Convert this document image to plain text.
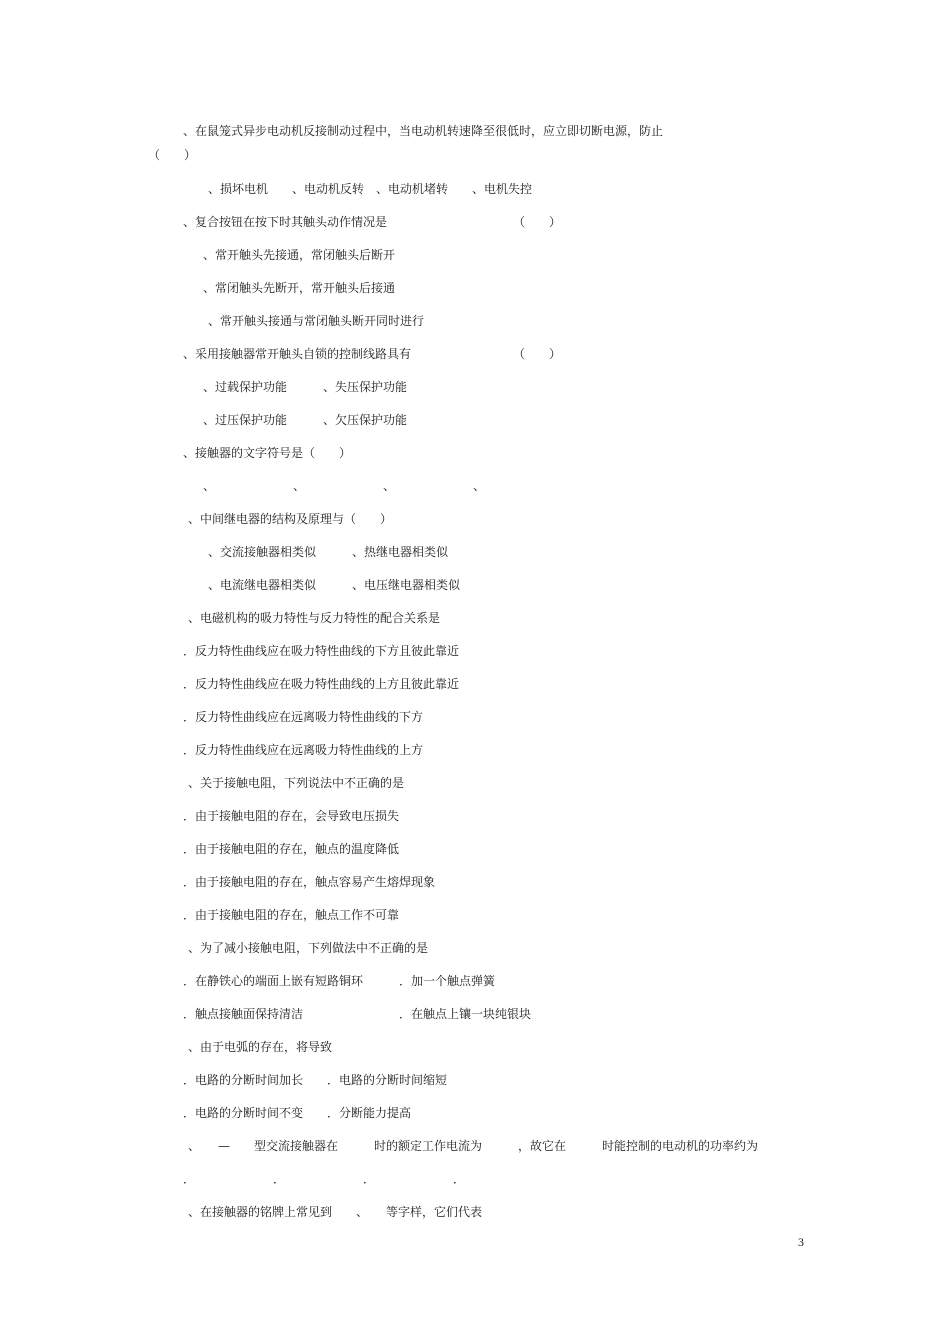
、在鼠笼式异步电动机反接制动过程中，当电动机转速降至很低时，应立即切断电源，防止
（　　）
、损坏电机　　、电动机反转　、电动机堵转　　、电机失控
、复合按钮在按下时其触头动作情况是　　　　　　　　　　　（　　）
、常开触头先接通，常闭触头后断开
、常闭触头先断开，常开触头后接通
、常开触头接通与常闭触头断开同时进行
、采用接触器常开触头自锁的控制线路具有　　　　　　　　　（　　）
、过载保护功能　　　、失压保护功能
、过压保护功能　　　、欠压保护功能
、接触器的文字符号是（　　）
、　　　　　　　、　　　　　　　、　　　　　　　、
、中间继电器的结构及原理与（　　）
、交流接触器相类似　　　、热继电器相类似
、电流继电器相类似　　　、电压继电器相类似
、电磁机构的吸力特性与反力特性的配合关系是
．反力特性曲线应在吸力特性曲线的下方且彼此靠近
．反力特性曲线应在吸力特性曲线的上方且彼此靠近
．反力特性曲线应在远离吸力特性曲线的下方
．反力特性曲线应在远离吸力特性曲线的上方
、关于接触电阻，下列说法中不正确的是
．由于接触电阻的存在，会导致电压损失
．由于接触电阻的存在，触点的温度降低
．由于接触电阻的存在，触点容易产生熔焊现象
．由于接触电阻的存在，触点工作不可靠
、为了减小接触电阻，下列做法中不正确的是
．在静铁心的端面上嵌有短路铜环　　　．加一个触点弹簧
．触点接触面保持清洁　　　　　　　　．在触点上镶一块纯银块
、由于电弧的存在，将导致
．电路的分断时间加长　　．电路的分断时间缩短
．电路的分断时间不变　　．分断能力提高
、　　—　　型交流接触器在　　　时的额定工作电流为　　　，故它在　　　时能控制的电动机的功率约为
．　　　　　　　．　　　　　　　．　　　　　　　．
、在接触器的铭牌上常见到　　、　　等字样，它们代表
3
